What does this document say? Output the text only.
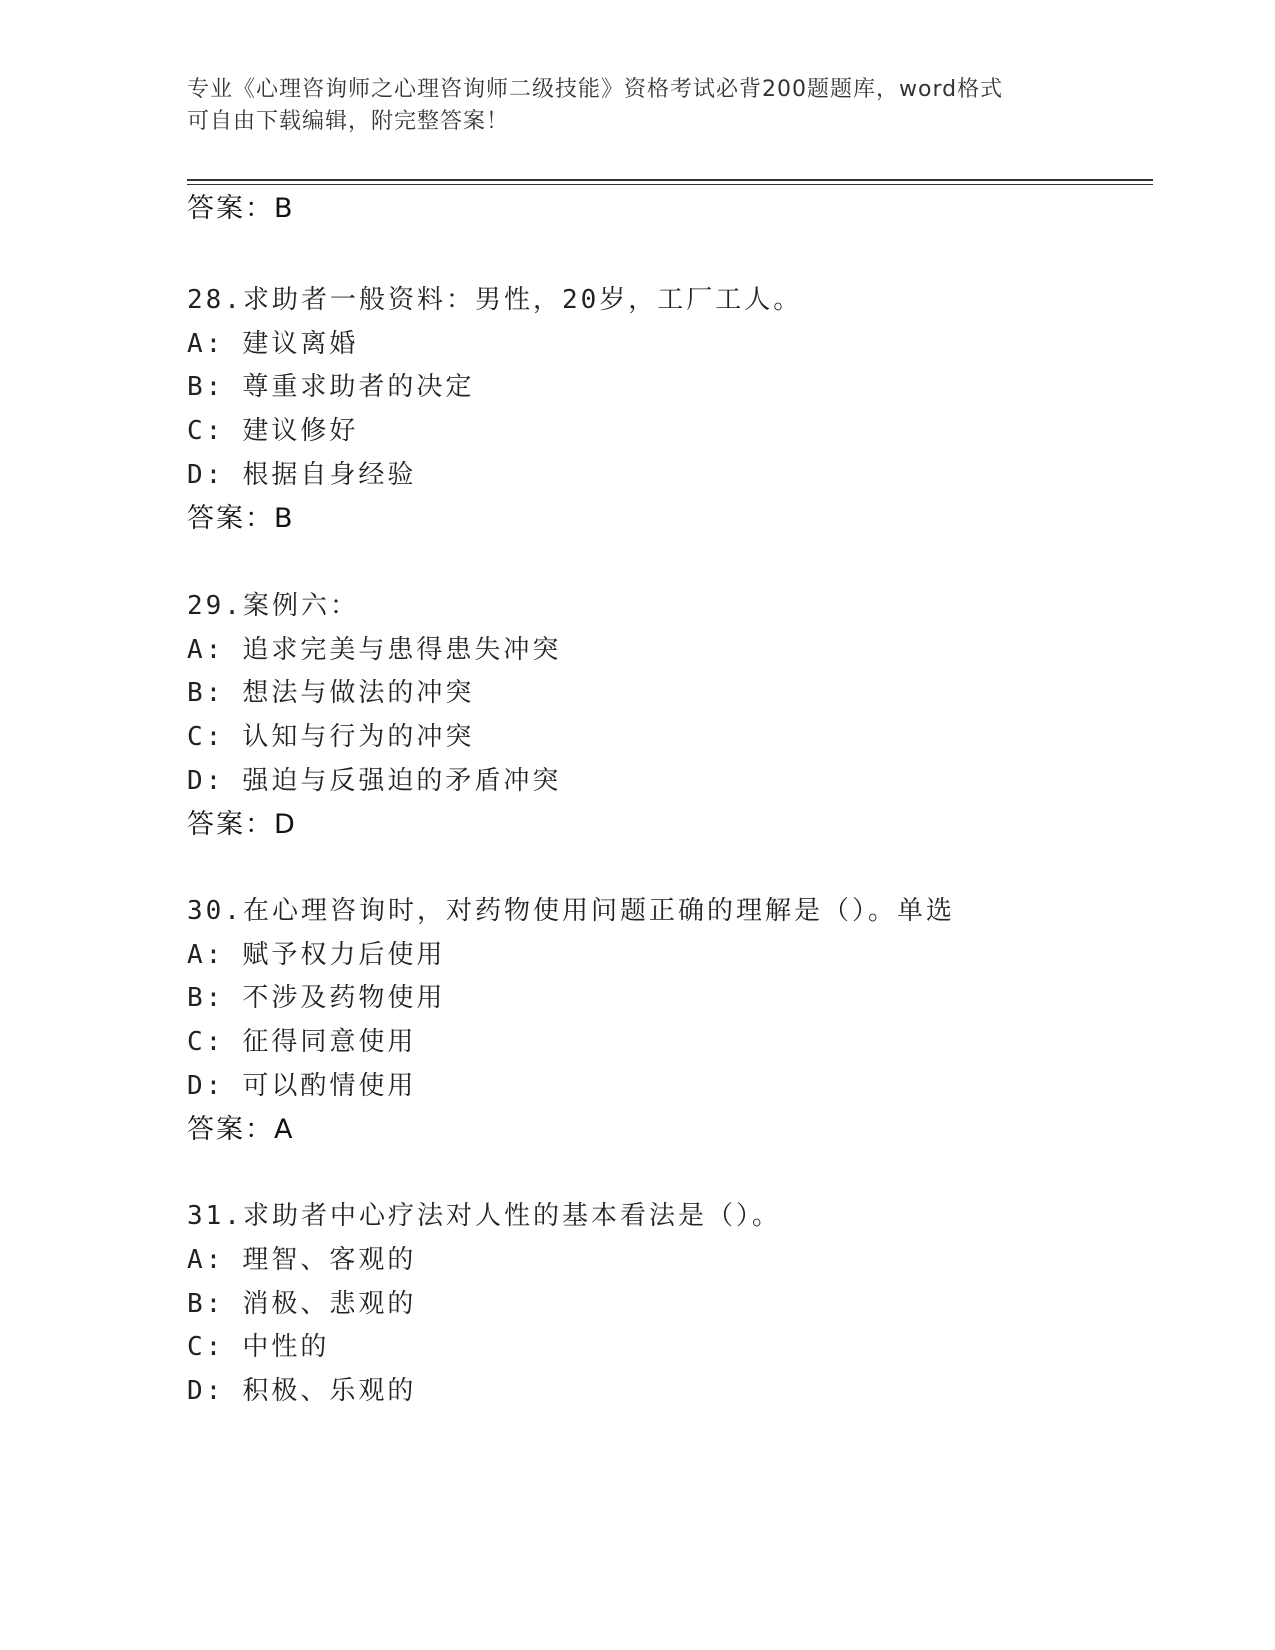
专业《心理咨询师之心理咨询师二级技能》资格考试必背200题题库，word格式
可自由下载编辑，附完整答案！
答案：B
28.求助者一般资料：男性，20岁，工厂工人。
A: 建议离婚
B: 尊重求助者的决定
C: 建议修好
D: 根据自身经验
答案：B
29.案例六：
A: 追求完美与患得患失冲突
B: 想法与做法的冲突
C: 认知与行为的冲突
D: 强迫与反强迫的矛盾冲突
答案：D
30.在心理咨询时，对药物使用问题正确的理解是（）。单选
A: 赋予权力后使用
B: 不涉及药物使用
C: 征得同意使用
D: 可以酌情使用
答案：A
31.求助者中心疗法对人性的基本看法是（）。
A: 理智、客观的
B: 消极、悲观的
C: 中性的
D: 积极、乐观的
